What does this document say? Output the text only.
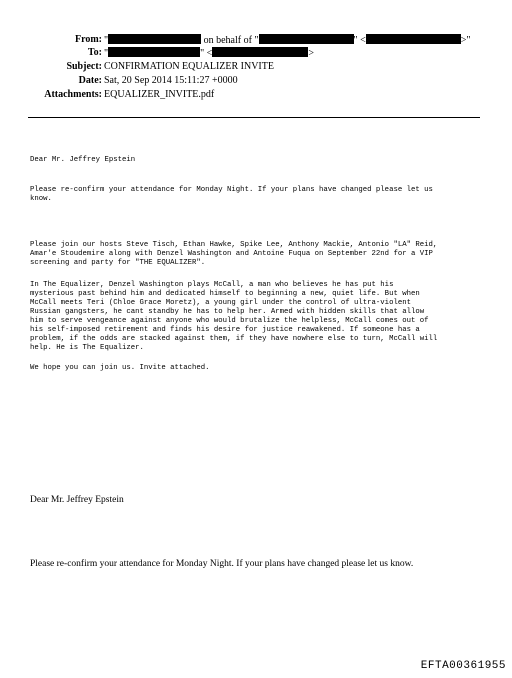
From: "	on behalf of "	" <	>"
To: "	" <	>
Subject: CONFIRMATION EQUALIZER INVITE
Date: Sat, 20 Sep 2014 15:11:27 +0000
Attachments: EQUALIZER_INVITE.pdf
Dear Mr. Jeffrey Epstein
Please re-confirm your attendance for Monday Night. If your plans have changed please let us
know.
Please join our hosts Steve Tisch, Ethan Hawke, Spike Lee, Anthony Mackie, Antonio "LA" Reid,
Amar'e Stoudemire along with Denzel Washington and Antoine Fuqua on September 22nd for a VIP
screening and party for "THE EQUALIZER".
In The Equalizer, Denzel Washington plays McCall, a man who believes he has put his
mysterious past behind him and dedicated himself to beginning a new, quiet life. But when
McCall meets Teri (Chloe Grace Moretz), a young girl under the control of ultra-violent
Russian gangsters, he cant standby he has to help her. Armed with hidden skills that allow
him to serve vengeance against anyone who would brutalize the helpless, McCall comes out of
his self-imposed retirement and finds his desire for justice reawakened. If someone has a
problem, if the odds are stacked against them, if they have nowhere else to turn, McCall will
help. He is The Equalizer.
We hope you can join us. Invite attached.
Dear Mr. Jeffrey Epstein
Please re-confirm your attendance for Monday Night. If your plans have changed please let us know.
EFTA00361955
